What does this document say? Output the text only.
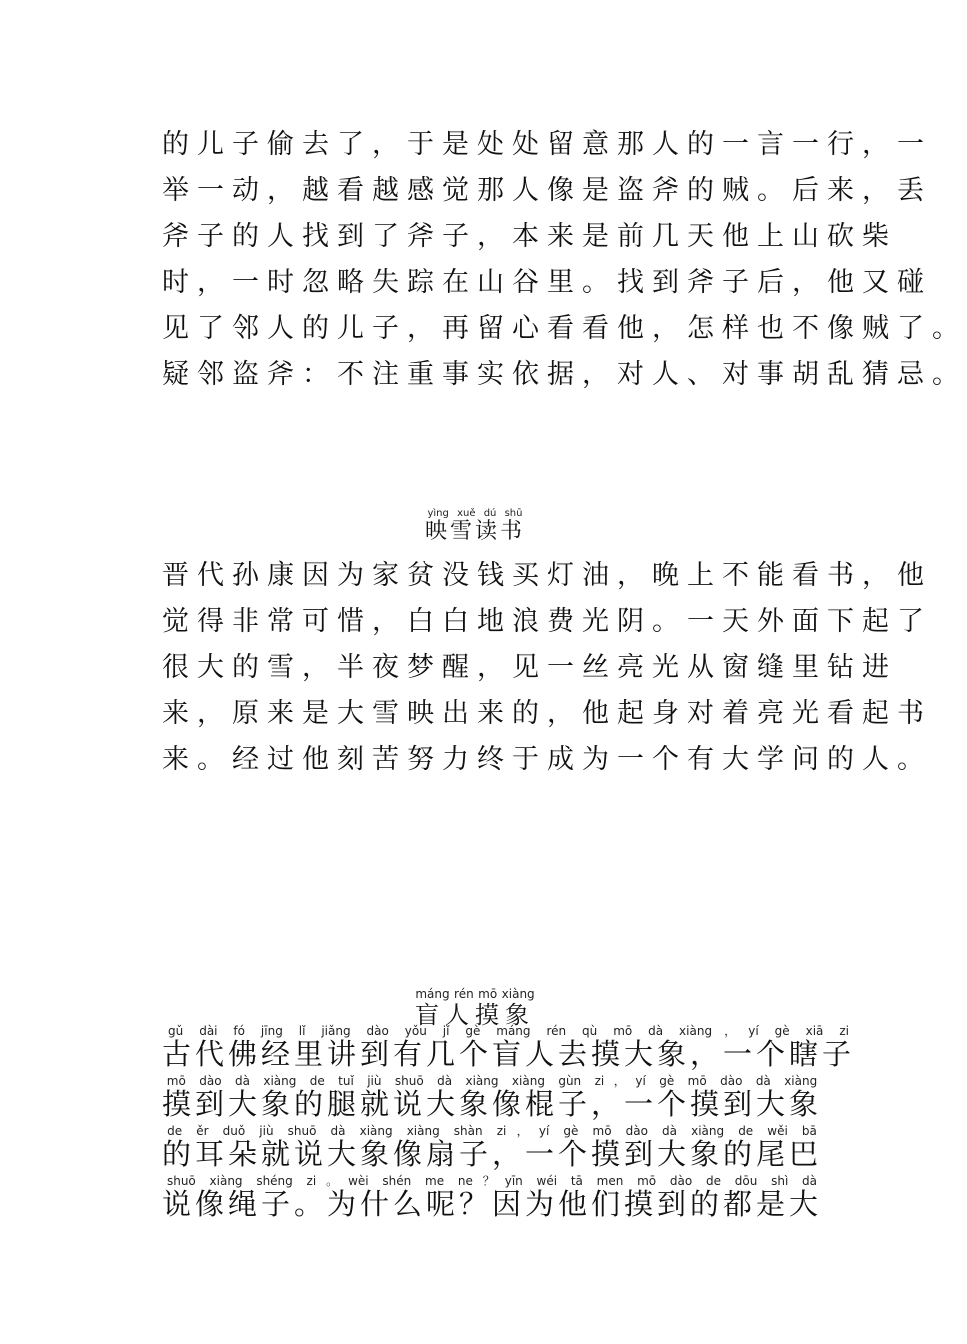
的儿子偷去了，于是处处留意那人的一言一行，一
举一动，越看越感觉那人像是盗斧的贼。后来，丢
斧子的人找到了斧子，本来是前几天他上山砍柴
时，一时忽略失踪在山谷里。找到斧子后，他又碰
见了邻人的儿子，再留心看看他，怎样也不像贼了。
疑邻盗斧：不注重事实依据，对人、对事胡乱猜忌。
映雪读书yìng xuě dú shū
晋代孙康因为家贫没钱买灯油，晚上不能看书，他
觉得非常可惜，白白地浪费光阴。一天外面下起了
很大的雪，半夜梦醒，见一丝亮光从窗缝里钻进
来，原来是大雪映出来的，他起身对着亮光看起书
来。经过他刻苦努力终于成为一个有大学问的人。
盲人摸象máng rén mō xiàng
古代佛经里讲到有几个盲人去摸大象，一个瞎子gǔ dài fó jīng lǐ jiǎng dào yǒu jǐ gè máng rén qù mō dà xiàng，yí gè xiā zi
摸到大象的腿就说大象像棍子，一个摸到大象mō dào dà xiàng de tuǐ jiù shuō dà xiàng xiàng gùn zi，yí gè mō dào dà xiàng
的耳朵就说大象像扇子，一个摸到大象的尾巴de ěr duǒ jiù shuō dà xiàng xiàng shàn zi，yí gè mō dào dà xiàng de wěi bā
说像绳子。为什么呢？因为他们摸到的都是大shuō xiàng shéng zi。wèi shén me ne？yīn wéi tā men mō dào de dōu shì dà
